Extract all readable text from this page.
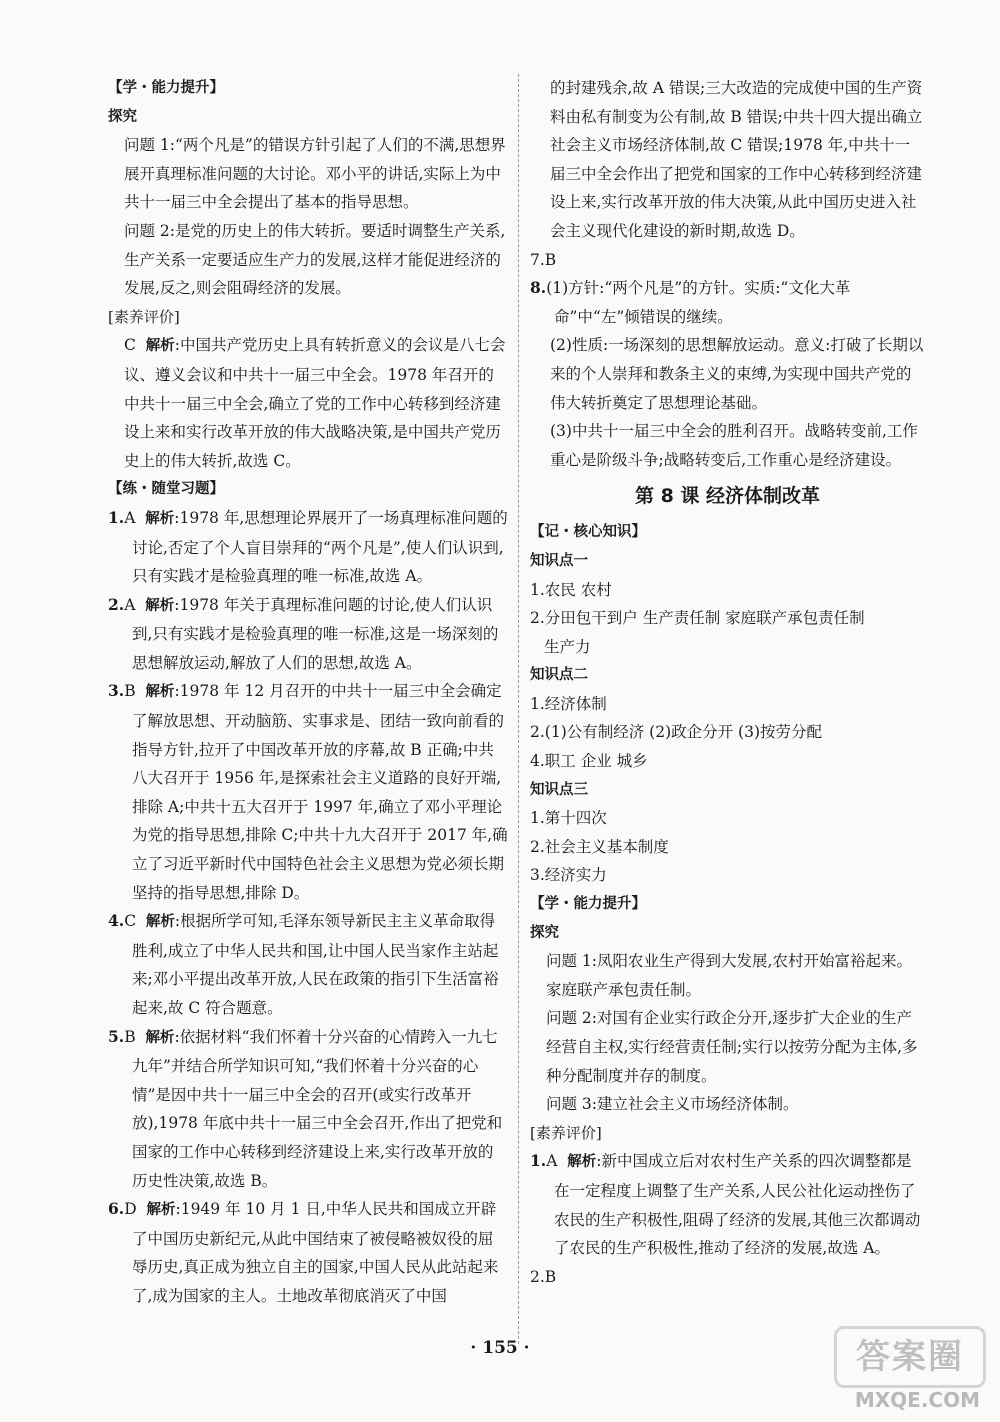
【学・能力提升】
探究
问题 1:“两个凡是”的错误方针引起了人们的不满,思想界展开真理标准问题的大讨论。邓小平的讲话,实际上为中共十一届三中全会提出了基本的指导思想。
问题 2:是党的历史上的伟大转折。要适时调整生产关系,生产关系一定要适应生产力的发展,这样才能促进经济的发展,反之,则会阻碍经济的发展。
[素养评价]
C 解析:中国共产党历史上具有转折意义的会议是八七会议、遵义会议和中共十一届三中全会。1978 年召开的中共十一届三中全会,确立了党的工作中心转移到经济建设上来和实行改革开放的伟大战略决策,是中国共产党历史上的伟大转折,故选 C。
【练・随堂习题】
1.A 解析:1978 年,思想理论界展开了一场真理标准问题的讨论,否定了个人盲目崇拜的“两个凡是”,使人们认识到,只有实践才是检验真理的唯一标准,故选 A。
2.A 解析:1978 年关于真理标准问题的讨论,使人们认识到,只有实践才是检验真理的唯一标准,这是一场深刻的思想解放运动,解放了人们的思想,故选 A。
3.B 解析:1978 年 12 月召开的中共十一届三中全会确定了解放思想、开动脑筋、实事求是、团结一致向前看的指导方针,拉开了中国改革开放的序幕,故 B 正确;中共八大召开于 1956 年,是探索社会主义道路的良好开端,排除 A;中共十五大召开于 1997 年,确立了邓小平理论为党的指导思想,排除 C;中共十九大召开于 2017 年,确立了习近平新时代中国特色社会主义思想为党必须长期坚持的指导思想,排除 D。
4.C 解析:根据所学可知,毛泽东领导新民主主义革命取得胜利,成立了中华人民共和国,让中国人民当家作主站起来;邓小平提出改革开放,人民在政策的指引下生活富裕起来,故 C 符合题意。
5.B 解析:依据材料“我们怀着十分兴奋的心情跨入一九七九年”并结合所学知识可知,“我们怀着十分兴奋的心情”是因中共十一届三中全会的召开(或实行改革开放),1978 年底中共十一届三中全会召开,作出了把党和国家的工作中心转移到经济建设上来,实行改革开放的历史性决策,故选 B。
6.D 解析:1949 年 10 月 1 日,中华人民共和国成立开辟了中国历史新纪元,从此中国结束了被侵略被奴役的屈辱历史,真正成为独立自主的国家,中国人民从此站起来了,成为国家的主人。土地改革彻底消灭了中国
的封建残余,故 A 错误;三大改造的完成使中国的生产资料由私有制变为公有制,故 B 错误;中共十四大提出确立社会主义市场经济体制,故 C 错误;1978 年,中共十一届三中全会作出了把党和国家的工作中心转移到经济建设上来,实行改革开放的伟大决策,从此中国历史进入社会主义现代化建设的新时期,故选 D。
7.B
8.(1)方针:“两个凡是”的方针。实质:“文化大革命”中“左”倾错误的继续。
(2)性质:一场深刻的思想解放运动。意义:打破了长期以来的个人崇拜和教条主义的束缚,为实现中国共产党的伟大转折奠定了思想理论基础。
(3)中共十一届三中全会的胜利召开。战略转变前,工作重心是阶级斗争;战略转变后,工作重心是经济建设。
第 8 课 经济体制改革
【记・核心知识】
知识点一
1.农民 农村
2.分田包干到户 生产责任制 家庭联产承包责任制
生产力
知识点二
1.经济体制
2.(1)公有制经济 (2)政企分开 (3)按劳分配
4.职工 企业 城乡
知识点三
1.第十四次
2.社会主义基本制度
3.经济实力
【学・能力提升】
探究
问题 1:凤阳农业生产得到大发展,农村开始富裕起来。家庭联产承包责任制。
问题 2:对国有企业实行政企分开,逐步扩大企业的生产经营自主权,实行经营责任制;实行以按劳分配为主体,多种分配制度并存的制度。
问题 3:建立社会主义市场经济体制。
[素养评价]
1.A 解析:新中国成立后对农村生产关系的四次调整都是在一定程度上调整了生产关系,人民公社化运动挫伤了农民的生产积极性,阻碍了经济的发展,其他三次都调动了农民的生产积极性,推动了经济的发展,故选 A。
2.B
· 155 ·	答案圈
MXQE.COM
